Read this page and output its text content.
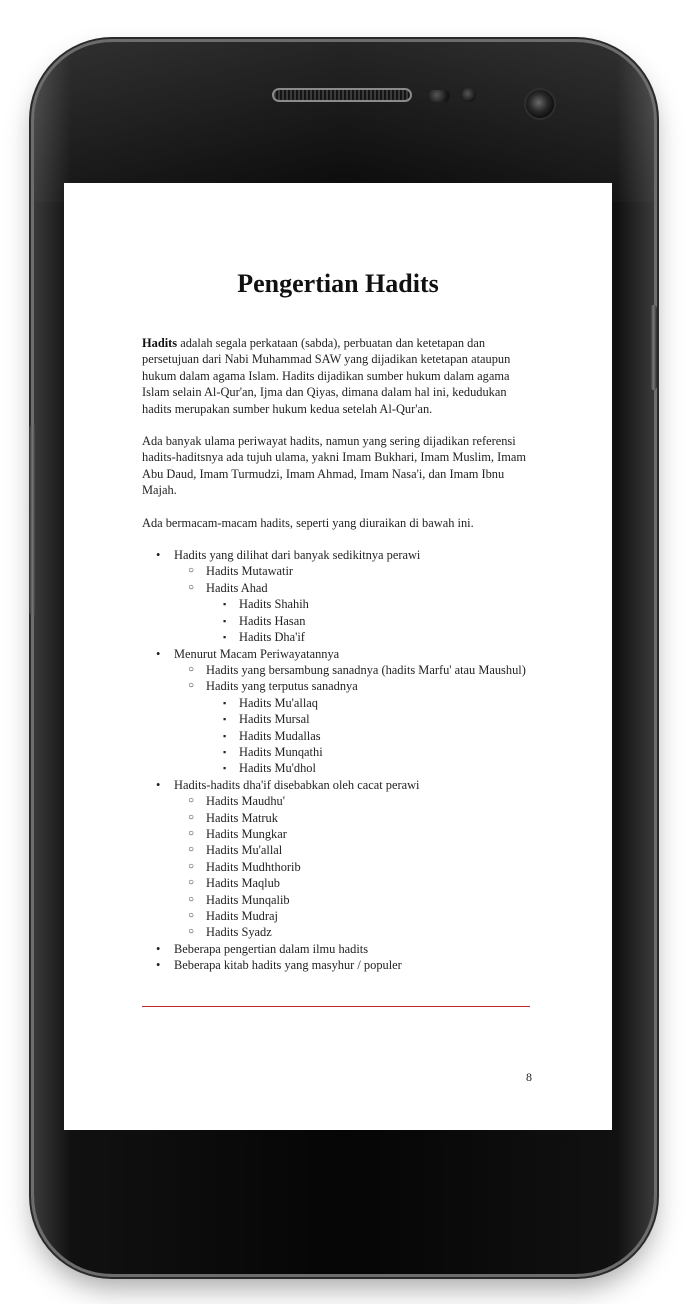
Pengertian Hadits

Hadits adalah segala perkataan (sabda), perbuatan dan ketetapan dan persetujuan dari Nabi Muhammad SAW yang dijadikan ketetapan ataupun hukum dalam agama Islam. Hadits dijadikan sumber hukum dalam agama Islam selain Al-Qur'an, Ijma dan Qiyas, dimana dalam hal ini, kedudukan hadits merupakan sumber hukum kedua setelah Al-Qur'an.

Ada banyak ulama periwayat hadits, namun yang sering dijadikan referensi hadits-haditsnya ada tujuh ulama, yakni Imam Bukhari, Imam Muslim, Imam Abu Daud, Imam Turmudzi, Imam Ahmad, Imam Nasa'i, dan Imam Ibnu Majah.

Ada bermacam-macam hadits, seperti yang diuraikan di bawah ini.

• Hadits yang dilihat dari banyak sedikitnya perawi
○ Hadits Mutawatir
○ Hadits Ahad
▪ Hadits Shahih
▪ Hadits Hasan
▪ Hadits Dha'if
• Menurut Macam Periwayatannya
○ Hadits yang bersambung sanadnya (hadits Marfu' atau Maushul)
○ Hadits yang terputus sanadnya
▪ Hadits Mu'allaq
▪ Hadits Mursal
▪ Hadits Mudallas
▪ Hadits Munqathi
▪ Hadits Mu'dhol
• Hadits-hadits dha'if disebabkan oleh cacat perawi
○ Hadits Maudhu'
○ Hadits Matruk
○ Hadits Mungkar
○ Hadits Mu'allal
○ Hadits Mudhthorib
○ Hadits Maqlub
○ Hadits Munqalib
○ Hadits Mudraj
○ Hadits Syadz
• Beberapa pengertian dalam ilmu hadits
• Beberapa kitab hadits yang masyhur / populer
8
